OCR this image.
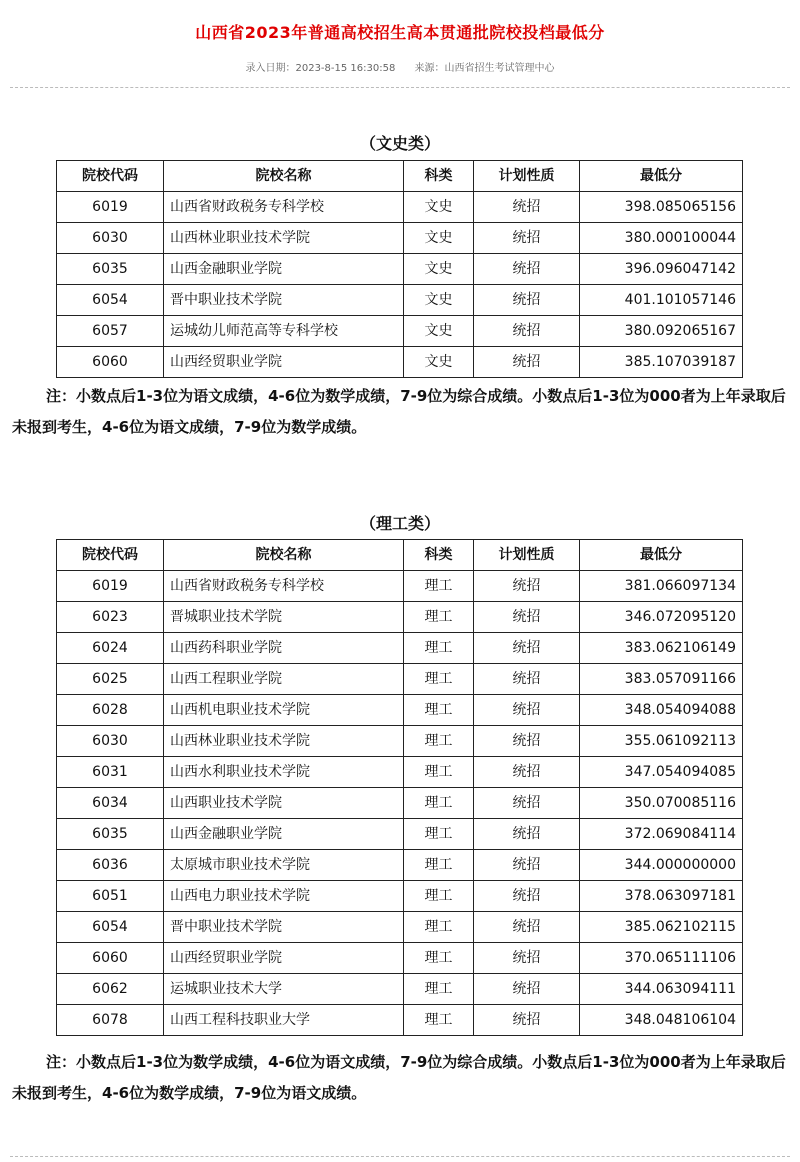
山西省2023年普通高校招生高本贯通批院校投档最低分
录入日期：2023-8-15 16:30:58 来源：山西省招生考试管理中心
（文史类）
院校代码	院校名称	科类	计划性质	最低分
6019	山西省财政税务专科学校	文史	统招	398.085065156
6030	山西林业职业技术学院	文史	统招	380.000100044
6035	山西金融职业学院	文史	统招	396.096047142
6054	晋中职业技术学院	文史	统招	401.101057146
6057	运城幼儿师范高等专科学校	文史	统招	380.092065167
6060	山西经贸职业学院	文史	统招	385.107039187
注：小数点后1-3位为语文成绩，4-6位为数学成绩，7-9位为综合成绩。小数点后1-3位为000者为上年录取后未报到考生，4-6位为语文成绩，7-9位为数学成绩。
（理工类）
院校代码	院校名称	科类	计划性质	最低分
6019	山西省财政税务专科学校	理工	统招	381.066097134
6023	晋城职业技术学院	理工	统招	346.072095120
6024	山西药科职业学院	理工	统招	383.062106149
6025	山西工程职业学院	理工	统招	383.057091166
6028	山西机电职业技术学院	理工	统招	348.054094088
6030	山西林业职业技术学院	理工	统招	355.061092113
6031	山西水利职业技术学院	理工	统招	347.054094085
6034	山西职业技术学院	理工	统招	350.070085116
6035	山西金融职业学院	理工	统招	372.069084114
6036	太原城市职业技术学院	理工	统招	344.000000000
6051	山西电力职业技术学院	理工	统招	378.063097181
6054	晋中职业技术学院	理工	统招	385.062102115
6060	山西经贸职业学院	理工	统招	370.065111106
6062	运城职业技术大学	理工	统招	344.063094111
6078	山西工程科技职业大学	理工	统招	348.048106104
注：小数点后1-3位为数学成绩，4-6位为语文成绩，7-9位为综合成绩。小数点后1-3位为000者为上年录取后未报到考生，4-6位为数学成绩，7-9位为语文成绩。
